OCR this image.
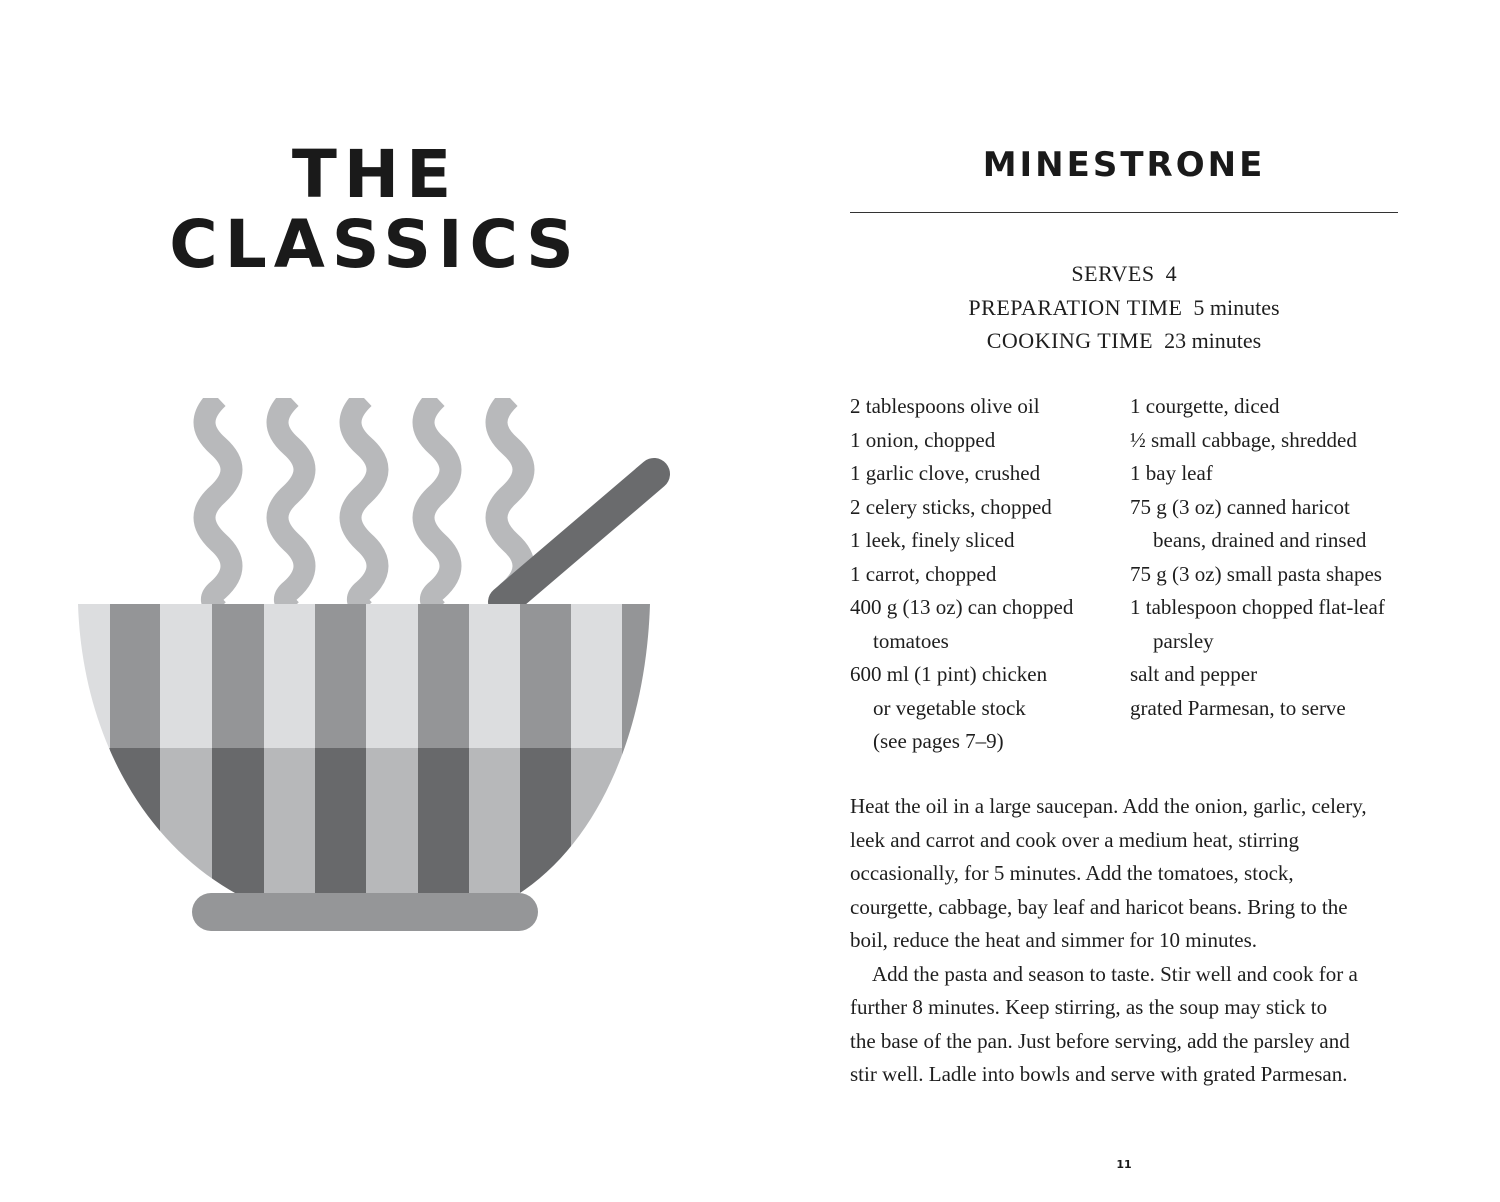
THE
CLASSICS
MINESTRONE
SERVES 4
PREPARATION TIME 5 minutes
COOKING TIME 23 minutes
2 tablespoons olive oil
1 onion, chopped
1 garlic clove, crushed
2 celery sticks, chopped
1 leek, finely sliced
1 carrot, chopped
400 g (13 oz) can chopped
tomatoes
600 ml (1 pint) chicken
or vegetable stock
(see pages 7–9)
1 courgette, diced
½ small cabbage, shredded
1 bay leaf
75 g (3 oz) canned haricot
beans, drained and rinsed
75 g (3 oz) small pasta shapes
1 tablespoon chopped flat-leaf
parsley
salt and pepper
grated Parmesan, to serve

Heat the oil in a large saucepan. Add the onion, garlic, celery,
leek and carrot and cook over a medium heat, stirring
occasionally, for 5 minutes. Add the tomatoes, stock,
courgette, cabbage, bay leaf and haricot beans. Bring to the
boil, reduce the heat and simmer for 10 minutes.

Add the pasta and season to taste. Stir well and cook for a
further 8 minutes. Keep stirring, as the soup may stick to
the base of the pan. Just before serving, add the parsley and
stir well. Ladle into bowls and serve with grated Parmesan.

11
